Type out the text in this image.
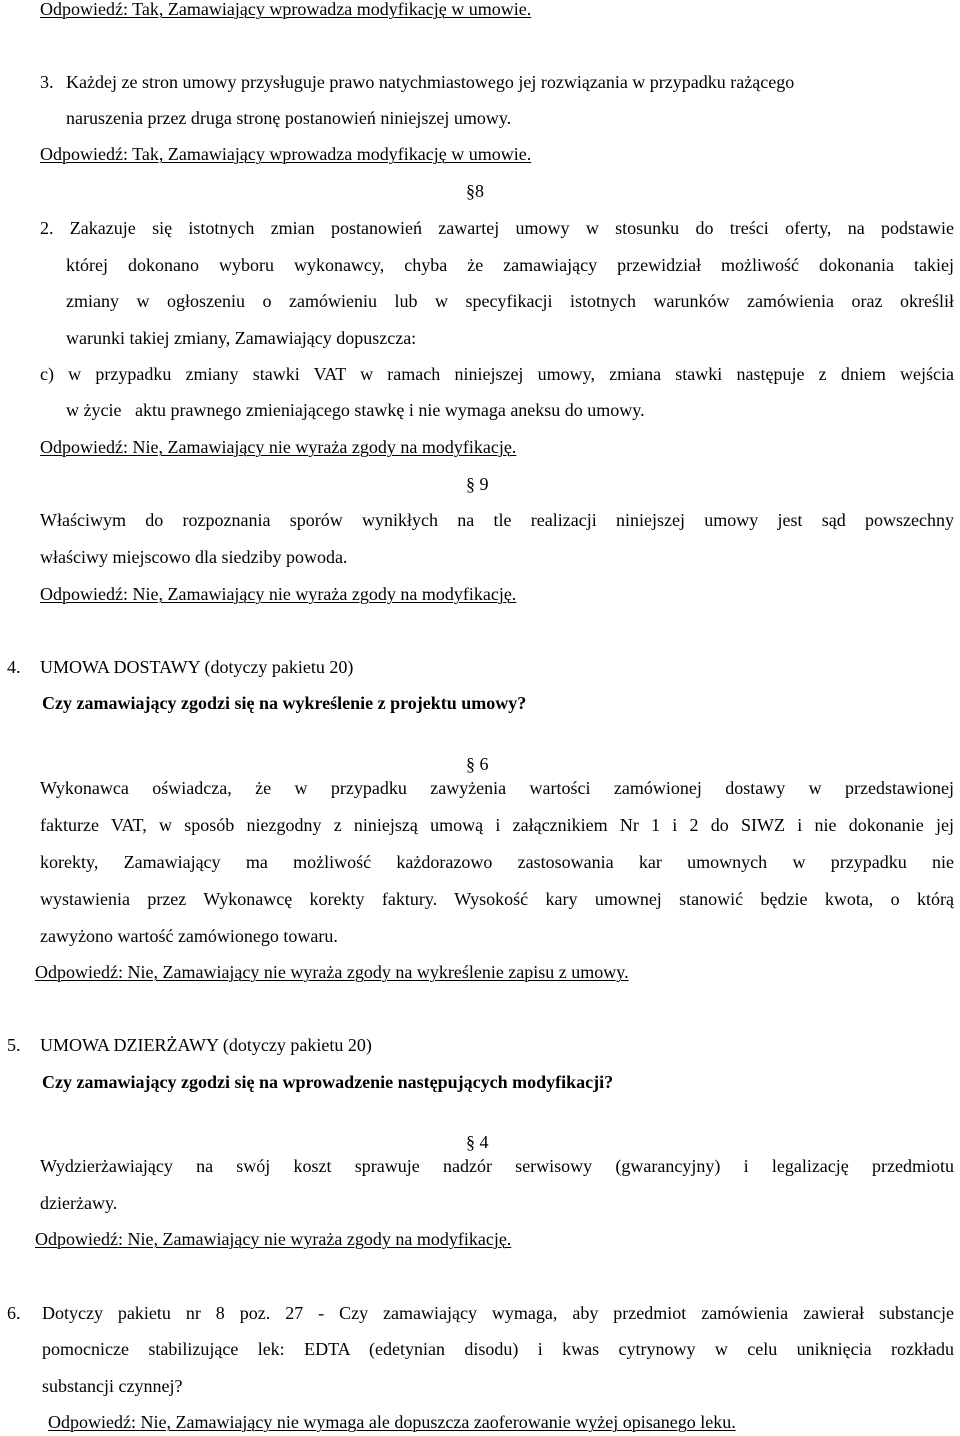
Odpowiedź: Tak, Zamawiający wprowadza modyfikację w umowie.
3. Każdej ze stron umowy przysługuje prawo natychmiastowego jej rozwiązania w przypadku rażącego
naruszenia przez druga stronę postanowień niniejszej umowy.
Odpowiedź: Tak, Zamawiający wprowadza modyfikację w umowie.
§8
2. Zakazuje się istotnych zmian postanowień zawartej umowy w stosunku do treści oferty, na podstawie
której dokonano wyboru wykonawcy, chyba że zamawiający przewidział możliwość dokonania takiej
zmiany w ogłoszeniu o zamówieniu lub w specyfikacji istotnych warunków zamówienia oraz określił
warunki takiej zmiany, Zamawiający dopuszcza:
c) w przypadku zmiany stawki VAT w ramach niniejszej umowy, zmiana stawki następuje z dniem wejścia
w życie   aktu prawnego zmieniającego stawkę i nie wymaga aneksu do umowy.
Odpowiedź: Nie, Zamawiający nie wyraża zgody na modyfikację.
§ 9
Właściwym do rozpoznania sporów wynikłych na tle realizacji niniejszej umowy jest sąd powszechny
właściwy miejscowo dla siedziby powoda.
Odpowiedź: Nie, Zamawiający nie wyraża zgody na modyfikację.
4. UMOWA DOSTAWY (dotyczy pakietu 20)
Czy zamawiający zgodzi się na wykreślenie z projektu umowy?
§ 6
Wykonawca oświadcza, że w przypadku zawyżenia wartości zamówionej dostawy w przedstawionej
fakturze VAT, w sposób niezgodny z niniejszą umową i załącznikiem Nr 1 i 2 do SIWZ i nie dokonanie jej
korekty, Zamawiający ma możliwość każdorazowo zastosowania kar umownych w przypadku nie
wystawienia przez Wykonawcę korekty faktury. Wysokość kary umownej stanowić będzie kwota, o którą
zawyżono wartość zamówionego towaru.
Odpowiedź: Nie, Zamawiający nie wyraża zgody na wykreślenie zapisu z umowy.
5. UMOWA DZIERŻAWY (dotyczy pakietu 20)
Czy zamawiający zgodzi się na wprowadzenie następujących modyfikacji?
§ 4
Wydzierżawiający na swój koszt sprawuje nadzór serwisowy (gwarancyjny) i legalizację przedmiotu
dzierżawy.
Odpowiedź: Nie, Zamawiający nie wyraża zgody na modyfikację.
6. Dotyczy pakietu nr 8 poz. 27 - Czy zamawiający wymaga, aby przedmiot zamówienia zawierał substancje
pomocnicze stabilizujące lek: EDTA (edetynian disodu) i kwas cytrynowy w celu uniknięcia rozkładu
substancji czynnej?
Odpowiedź: Nie, Zamawiający nie wymaga ale dopuszcza zaoferowanie wyżej opisanego leku.
